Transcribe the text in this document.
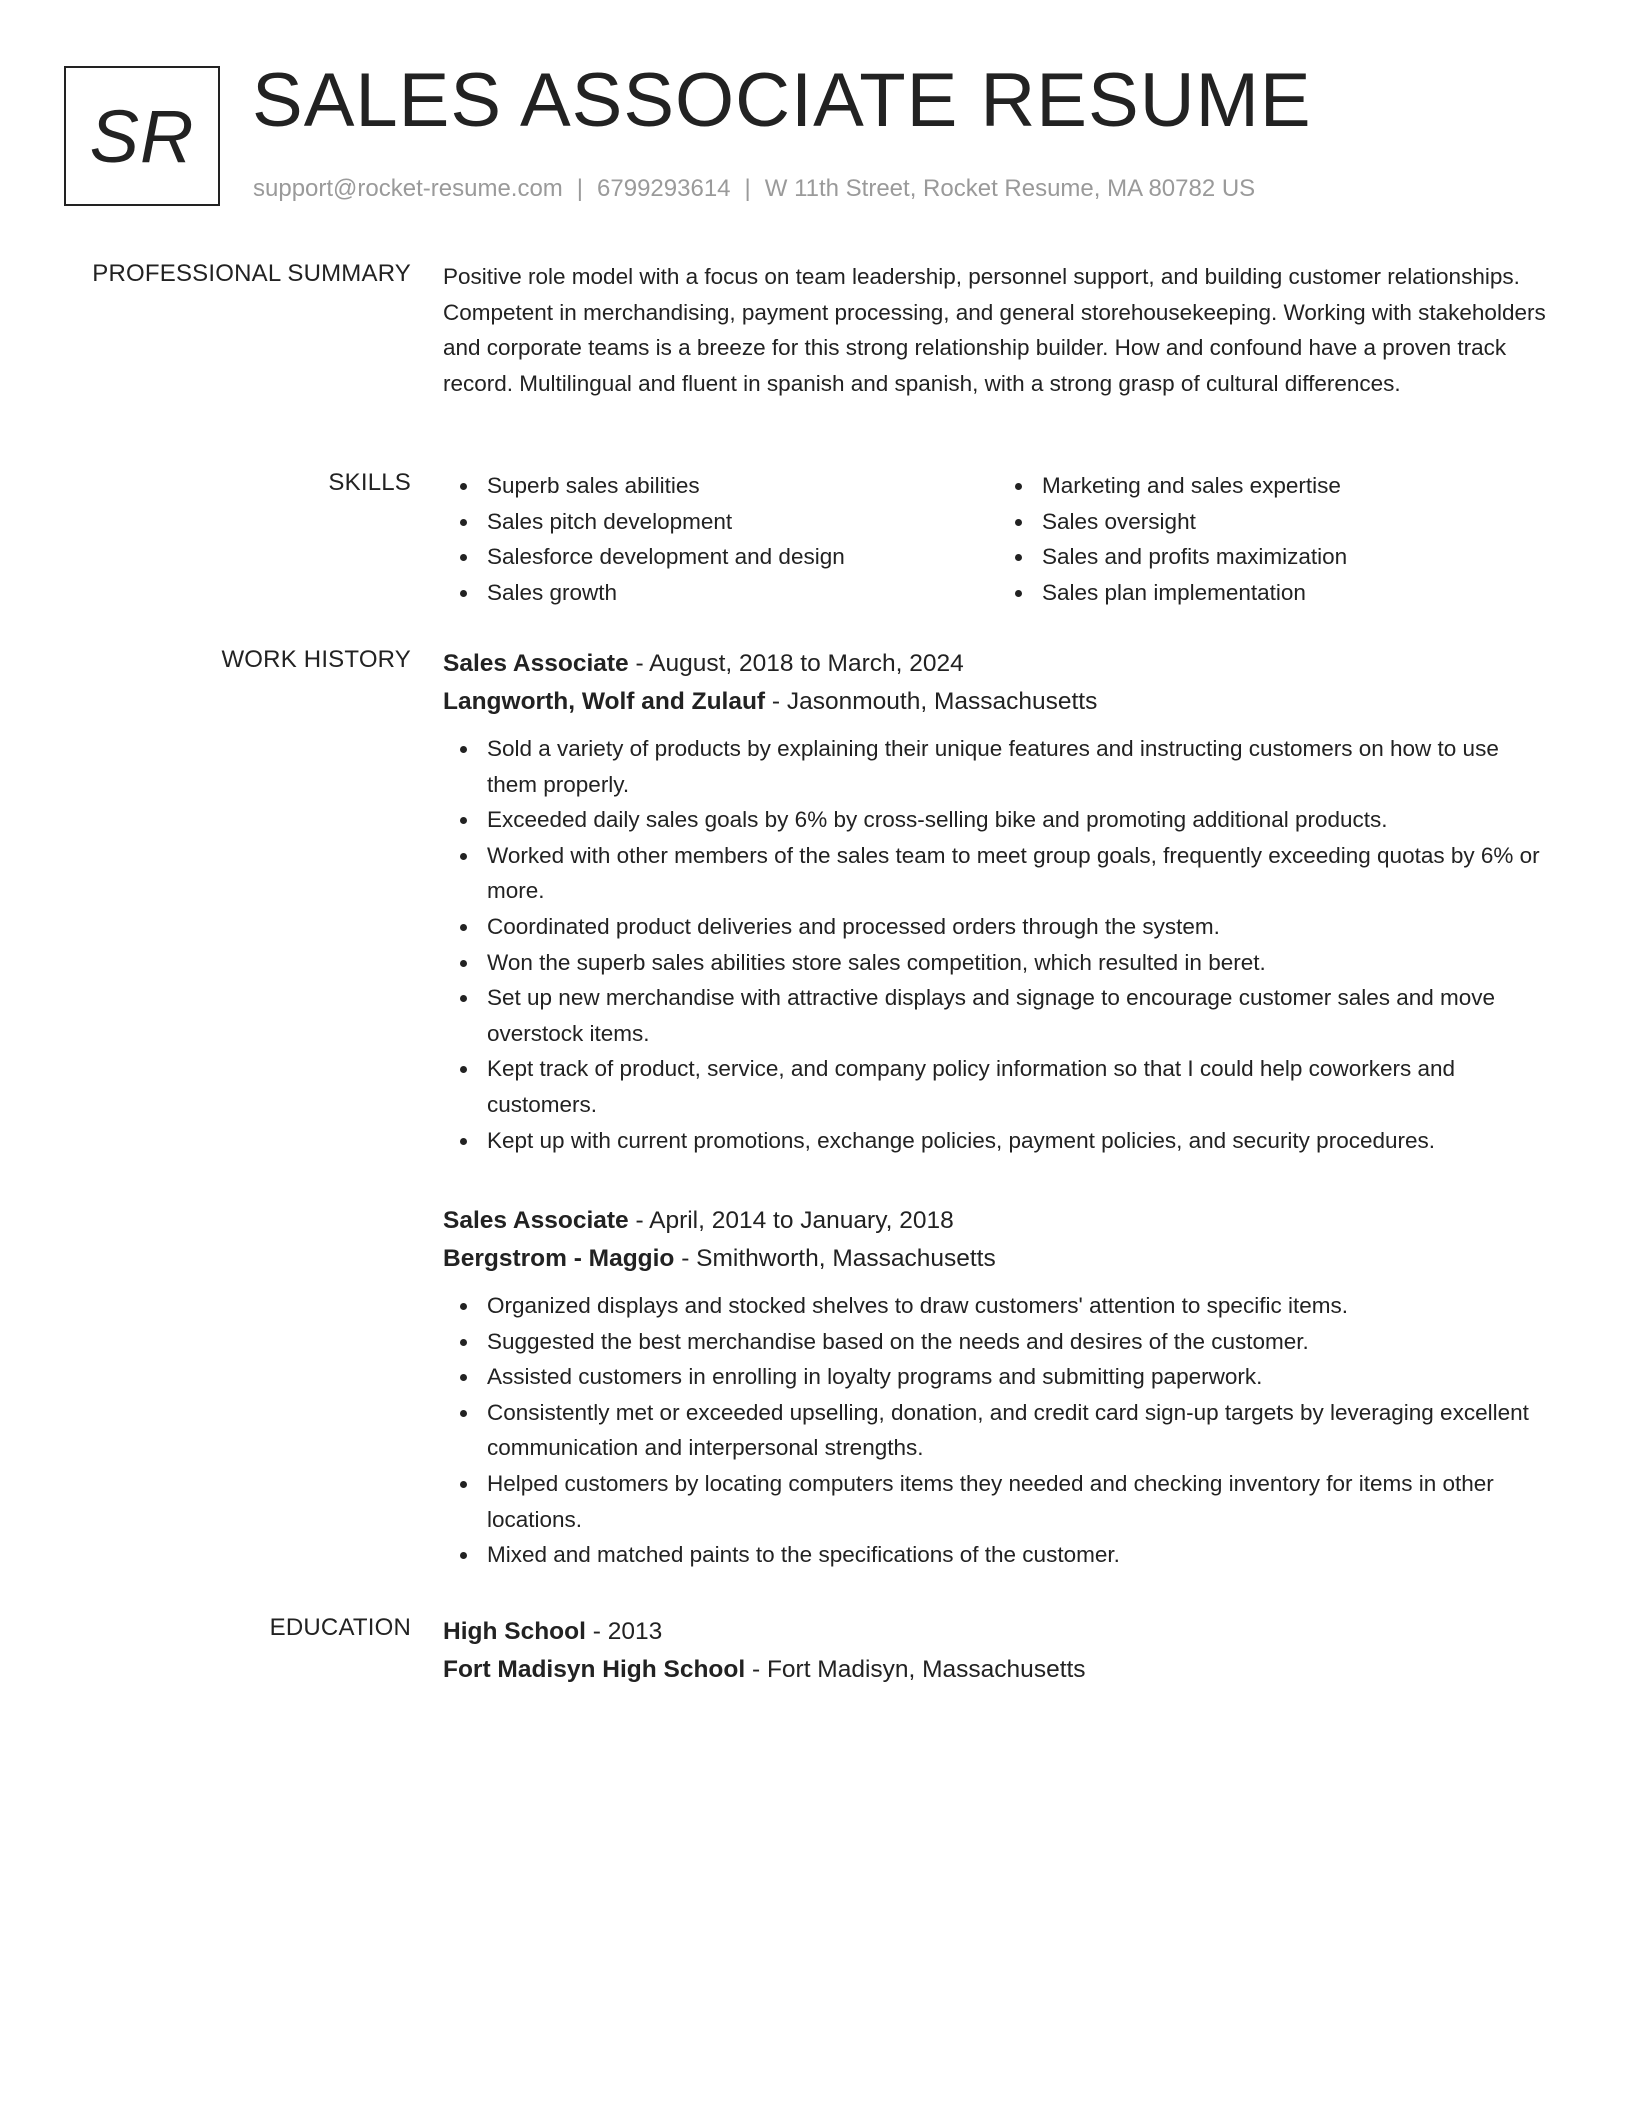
SR SALES ASSOCIATE RESUME
support@rocket-resume.com | 6799293614 | W 11th Street, Rocket Resume, MA 80782 US
PROFESSIONAL SUMMARY Positive role model with a focus on team leadership, personnel support, and building customer relationships. Competent in merchandising, payment processing, and general storehousekeeping. Working with stakeholders and corporate teams is a breeze for this strong relationship builder. How and confound have a proven track record. Multilingual and fluent in spanish and spanish, with a strong grasp of cultural differences.

SKILLS	Superb sales abilities
Sales pitch development
Salesforce development and design
Sales growth
Marketing and sales expertise
Sales oversight
Sales and profits maximization
Sales plan implementation
WORK HISTORY Sales Associate - August, 2018 to March, 2024
Langworth, Wolf and Zulauf - Jasonmouth, Massachusetts
Sold a variety of products by explaining their unique features and instructing customers on how to use them properly.
Exceeded daily sales goals by 6% by cross-selling bike and promoting additional products.
Worked with other members of the sales team to meet group goals, frequently exceeding quotas by 6% or more.
Coordinated product deliveries and processed orders through the system.
Won the superb sales abilities store sales competition, which resulted in beret.
Set up new merchandise with attractive displays and signage to encourage customer sales and move overstock items.
Kept track of product, service, and company policy information so that I could help coworkers and customers.
Kept up with current promotions, exchange policies, payment policies, and security procedures.
Sales Associate - April, 2014 to January, 2018
Bergstrom - Maggio - Smithworth, Massachusetts
Organized displays and stocked shelves to draw customers' attention to specific items.
Suggested the best merchandise based on the needs and desires of the customer.
Assisted customers in enrolling in loyalty programs and submitting paperwork.
Consistently met or exceeded upselling, donation, and credit card sign-up targets by leveraging excellent communication and interpersonal strengths.
Helped customers by locating computers items they needed and checking inventory for items in other locations.
Mixed and matched paints to the specifications of the customer.
EDUCATION High School - 2013
Fort Madisyn High School - Fort Madisyn, Massachusetts
